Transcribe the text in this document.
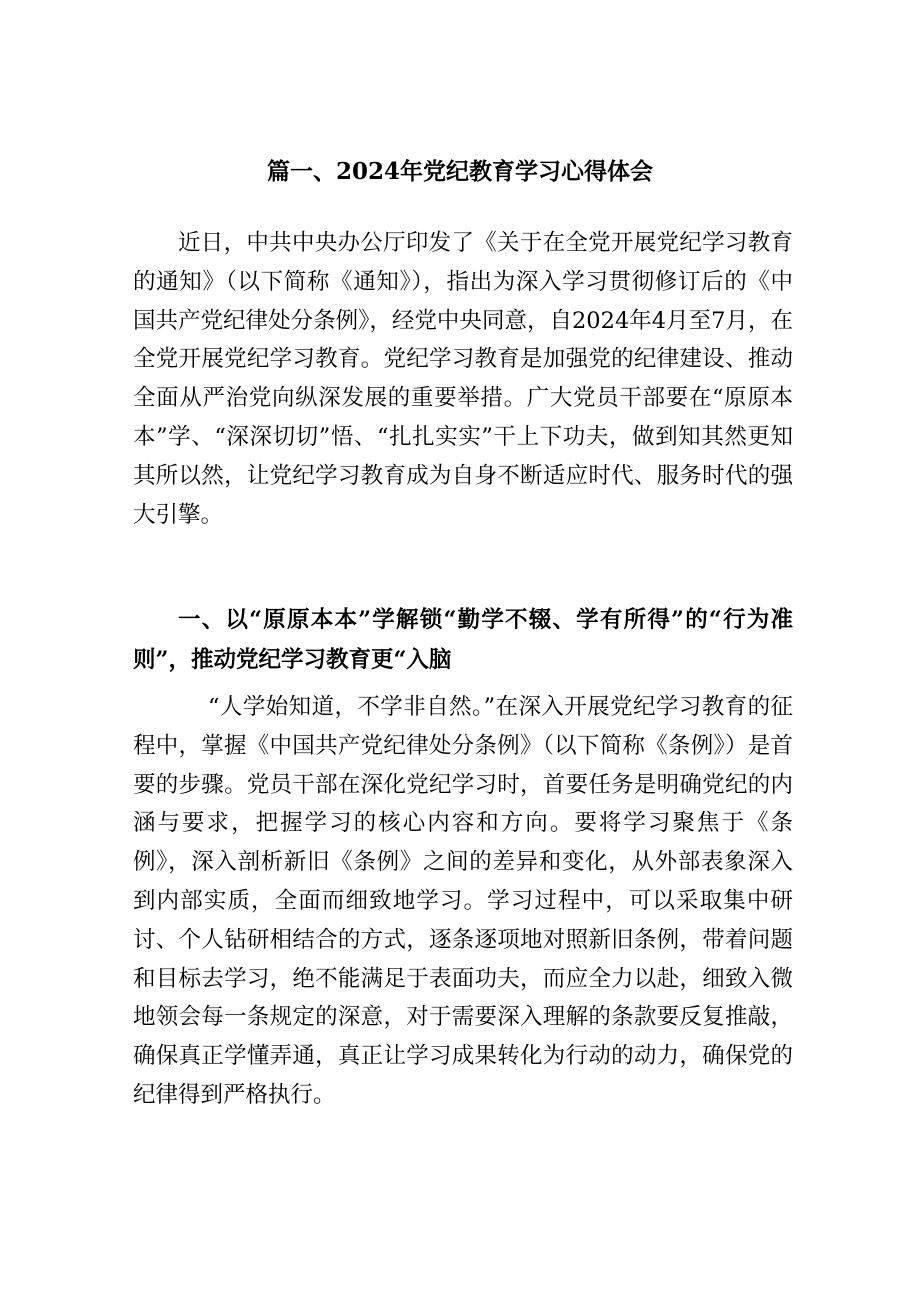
篇一、2024年党纪教育学习心得体会

近日，中共中央办公厅印发了《关于在全党开展党纪学习教育的通知》（以下简称《通知》），指出为深入学习贯彻修订后的《中国共产党纪律处分条例》，经党中央同意，自2024年4月至7月，在全党开展党纪学习教育。党纪学习教育是加强党的纪律建设、推动全面从严治党向纵深发展的重要举措。广大党员干部要在“原原本本”学、“深深切切”悟、“扎扎实实”干上下功夫，做到知其然更知其所以然，让党纪学习教育成为自身不断适应时代、服务时代的强大引擎。

一、以“原原本本”学解锁“勤学不辍、学有所得”的“行为准则”，推动党纪学习教育更“入脑

“人学始知道，不学非自然。”在深入开展党纪学习教育的征程中，掌握《中国共产党纪律处分条例》（以下简称《条例》）是首要的步骤。党员干部在深化党纪学习时，首要任务是明确党纪的内涵与要求，把握学习的核心内容和方向。要将学习聚焦于《条例》，深入剖析新旧《条例》之间的差异和变化，从外部表象深入到内部实质，全面而细致地学习。学习过程中，可以采取集中研讨、个人钻研相结合的方式，逐条逐项地对照新旧条例，带着问题和目标去学习，绝不能满足于表面功夫，而应全力以赴，细致入微地领会每一条规定的深意，对于需要深入理解的条款要反复推敲，确保真正学懂弄通，真正让学习成果转化为行动的动力，确保党的纪律得到严格执行。
